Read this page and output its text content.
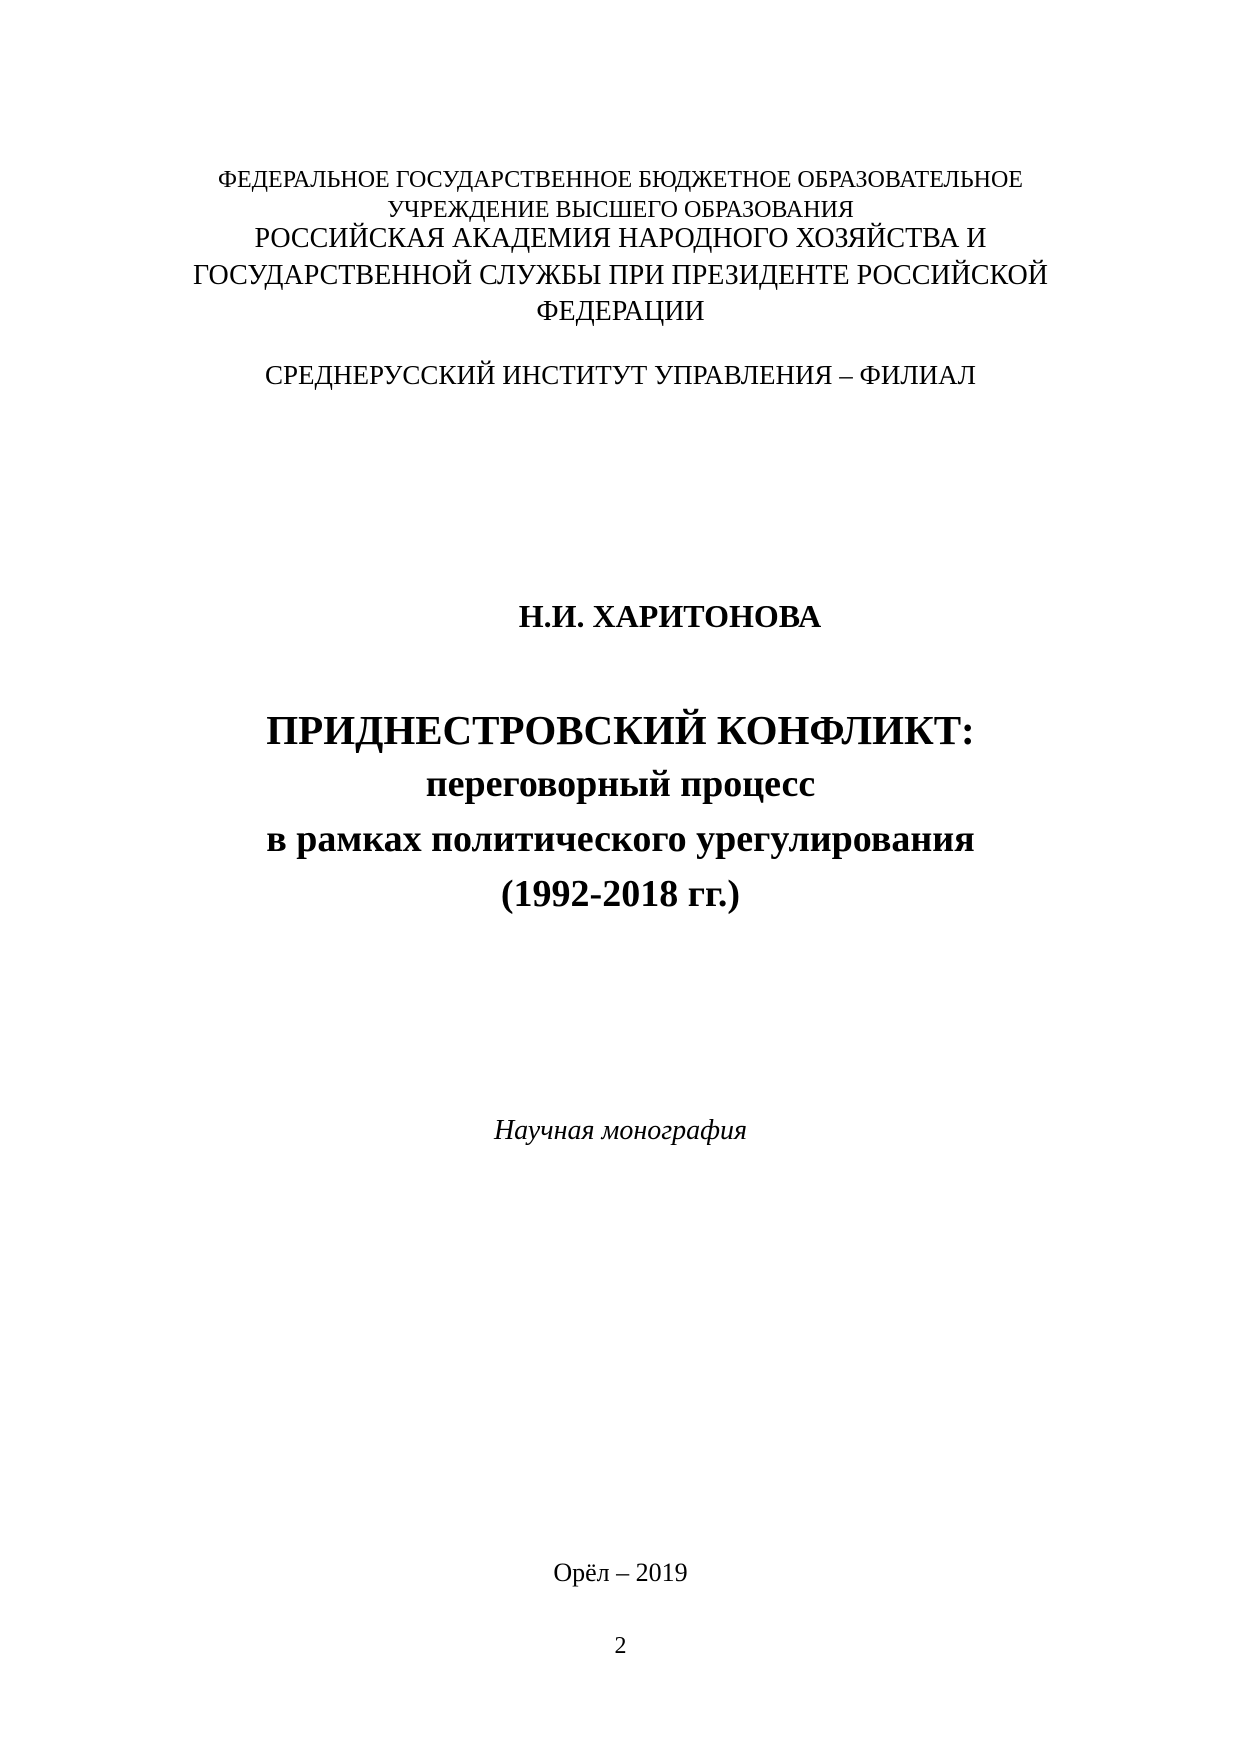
ФЕДЕРАЛЬНОЕ ГОСУДАРСТВЕННОЕ БЮДЖЕТНОЕ ОБРАЗОВАТЕЛЬНОЕ
УЧРЕЖДЕНИЕ ВЫСШЕГО ОБРАЗОВАНИЯ
РОССИЙСКАЯ АКАДЕМИЯ НАРОДНОГО ХОЗЯЙСТВА И
ГОСУДАРСТВЕННОЙ СЛУЖБЫ ПРИ ПРЕЗИДЕНТЕ РОССИЙСКОЙ
ФЕДЕРАЦИИ
СРЕДНЕРУССКИЙ ИНСТИТУТ УПРАВЛЕНИЯ – ФИЛИАЛ
Н.И. ХАРИТОНОВА
ПРИДНЕСТРОВСКИЙ КОНФЛИКТ:
переговорный процесс
в рамках политического урегулирования
(1992-2018 гг.)
Научная монография
Орёл – 2019
2
